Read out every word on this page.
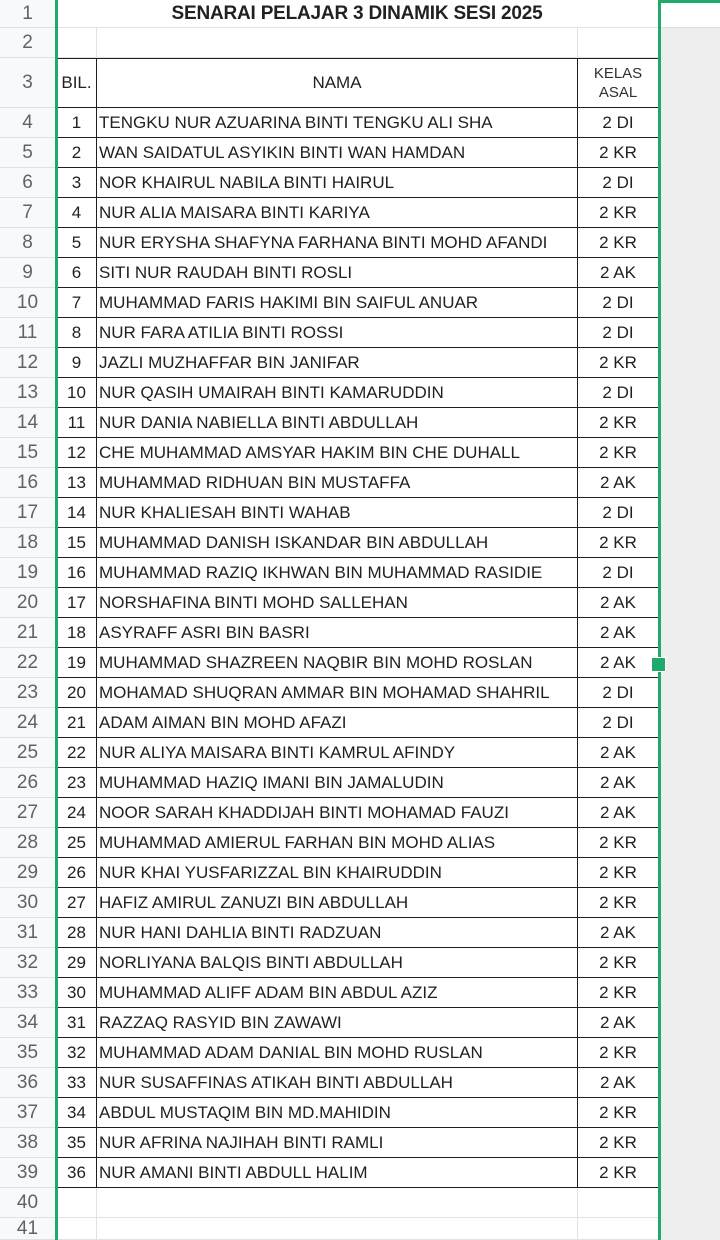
1
2
3
4
5
6
7
8
9
10
11
12
13
14
15
16
17
18
19
20
21
22
23
24
25
26
27
28
29
30
31
32
33
34
35
36
37
38
39
40
41
SENARAI PELAJAR 3 DINAMIK SESI 2025
BIL.	NAMA	KELAS
ASAL
1	TENGKU NUR AZUARINA BINTI TENGKU ALI SHA	2 DI
2	WAN SAIDATUL ASYIKIN BINTI WAN HAMDAN	2 KR
3	NOR KHAIRUL NABILA BINTI HAIRUL	2 DI
4	NUR ALIA MAISARA BINTI KARIYA	2 KR
5	NUR ERYSHA SHAFYNA FARHANA BINTI MOHD AFANDI	2 KR
6	SITI NUR RAUDAH BINTI ROSLI	2 AK
7	MUHAMMAD FARIS HAKIMI BIN SAIFUL ANUAR	2 DI
8	NUR FARA ATILIA BINTI ROSSI	2 DI
9	JAZLI MUZHAFFAR BIN JANIFAR	2 KR
10 NUR QASIH UMAIRAH BINTI KAMARUDDIN	2 DI
11 NUR DANIA NABIELLA BINTI ABDULLAH	2 KR
12 CHE MUHAMMAD AMSYAR HAKIM BIN CHE DUHALL	2 KR
13 MUHAMMAD RIDHUAN BIN MUSTAFFA	2 AK
14 NUR KHALIESAH BINTI WAHAB	2 DI
15 MUHAMMAD DANISH ISKANDAR BIN ABDULLAH	2 KR
16 MUHAMMAD RAZIQ IKHWAN BIN MUHAMMAD RASIDIE	2 DI
17 NORSHAFINA BINTI MOHD SALLEHAN	2 AK
18 ASYRAFF ASRI BIN BASRI	2 AK
19 MUHAMMAD SHAZREEN NAQBIR BIN MOHD ROSLAN	2 AK
20 MOHAMAD SHUQRAN AMMAR BIN MOHAMAD SHAHRIL	2 DI
21 ADAM AIMAN BIN MOHD AFAZI	2 DI
22 NUR ALIYA MAISARA BINTI KAMRUL AFINDY	2 AK
23 MUHAMMAD HAZIQ IMANI BIN JAMALUDIN	2 AK
24 NOOR SARAH KHADDIJAH BINTI MOHAMAD FAUZI	2 AK
25 MUHAMMAD AMIERUL FARHAN BIN MOHD ALIAS	2 KR
26 NUR KHAI YUSFARIZZAL BIN KHAIRUDDIN	2 KR
27 HAFIZ AMIRUL ZANUZI BIN ABDULLAH	2 KR
28 NUR HANI DAHLIA BINTI RADZUAN	2 AK
29 NORLIYANA BALQIS BINTI ABDULLAH	2 KR
30 MUHAMMAD ALIFF ADAM BIN ABDUL AZIZ	2 KR
31 RAZZAQ RASYID BIN ZAWAWI	2 AK
32 MUHAMMAD ADAM DANIAL BIN MOHD RUSLAN	2 KR
33 NUR SUSAFFINAS ATIKAH BINTI ABDULLAH	2 AK
34 ABDUL MUSTAQIM BIN MD.MAHIDIN	2 KR
35 NUR AFRINA NAJIHAH BINTI RAMLI	2 KR
36 NUR AMANI BINTI ABDULL HALIM	2 KR
